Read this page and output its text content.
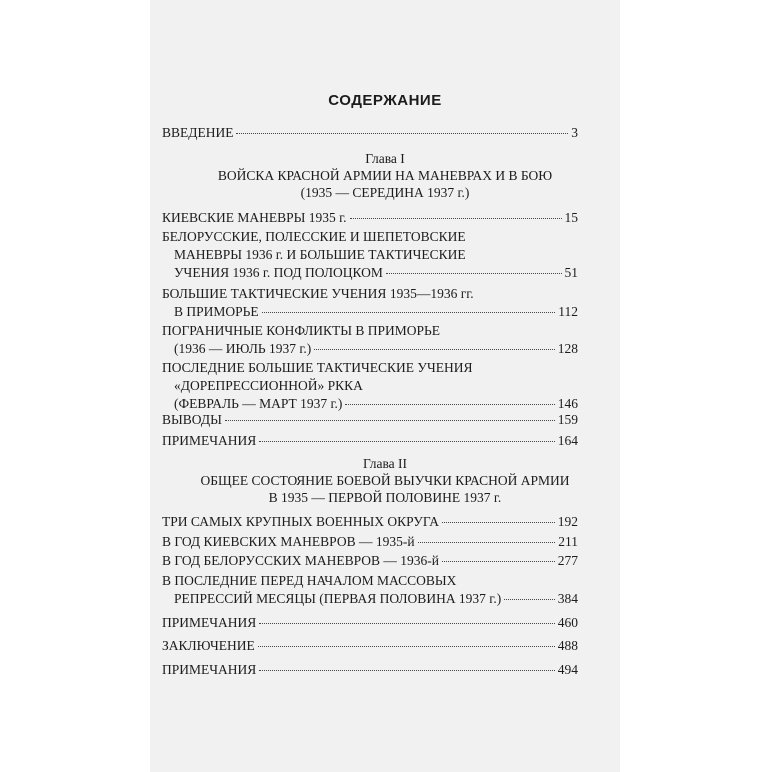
СОДЕРЖАНИЕ
ВВЕДЕНИЕ	3
Глава I
ВОЙСКА КРАСНОЙ АРМИИ НА МАНЕВРАХ И В БОЮ
(1935 — СЕРЕДИНА 1937 г.)
КИЕВСКИЕ МАНЕВРЫ 1935 г.	15
БЕЛОРУССКИЕ, ПОЛЕССКИЕ И ШЕПЕТОВСКИЕ
МАНЕВРЫ 1936 г. И БОЛЬШИЕ ТАКТИЧЕСКИЕ
УЧЕНИЯ 1936 г. ПОД ПОЛОЦКОМ	51
БОЛЬШИЕ ТАКТИЧЕСКИЕ УЧЕНИЯ 1935—1936 гг.
В ПРИМОРЬЕ	112
ПОГРАНИЧНЫЕ КОНФЛИКТЫ В ПРИМОРЬЕ
(1936 — ИЮЛЬ 1937 г.)	128
ПОСЛЕДНИЕ БОЛЬШИЕ ТАКТИЧЕСКИЕ УЧЕНИЯ
«ДОРЕПРЕССИОННОЙ» РККА
(ФЕВРАЛЬ — МАРТ 1937 г.)	146
ВЫВОДЫ	159
ПРИМЕЧАНИЯ	164
Глава II
ОБЩЕЕ СОСТОЯНИЕ БОЕВОЙ ВЫУЧКИ КРАСНОЙ АРМИИ
В 1935 — ПЕРВОЙ ПОЛОВИНЕ 1937 г.
ТРИ САМЫХ КРУПНЫХ ВОЕННЫХ ОКРУГА	192
В ГОД КИЕВСКИХ МАНЕВРОВ — 1935-й	211
В ГОД БЕЛОРУССКИХ МАНЕВРОВ — 1936-й	277
В ПОСЛЕДНИЕ ПЕРЕД НАЧАЛОМ МАССОВЫХ
РЕПРЕССИЙ МЕСЯЦЫ (ПЕРВАЯ ПОЛОВИНА 1937 г.)	384
ПРИМЕЧАНИЯ	460
ЗАКЛЮЧЕНИЕ	488
ПРИМЕЧАНИЯ	494
